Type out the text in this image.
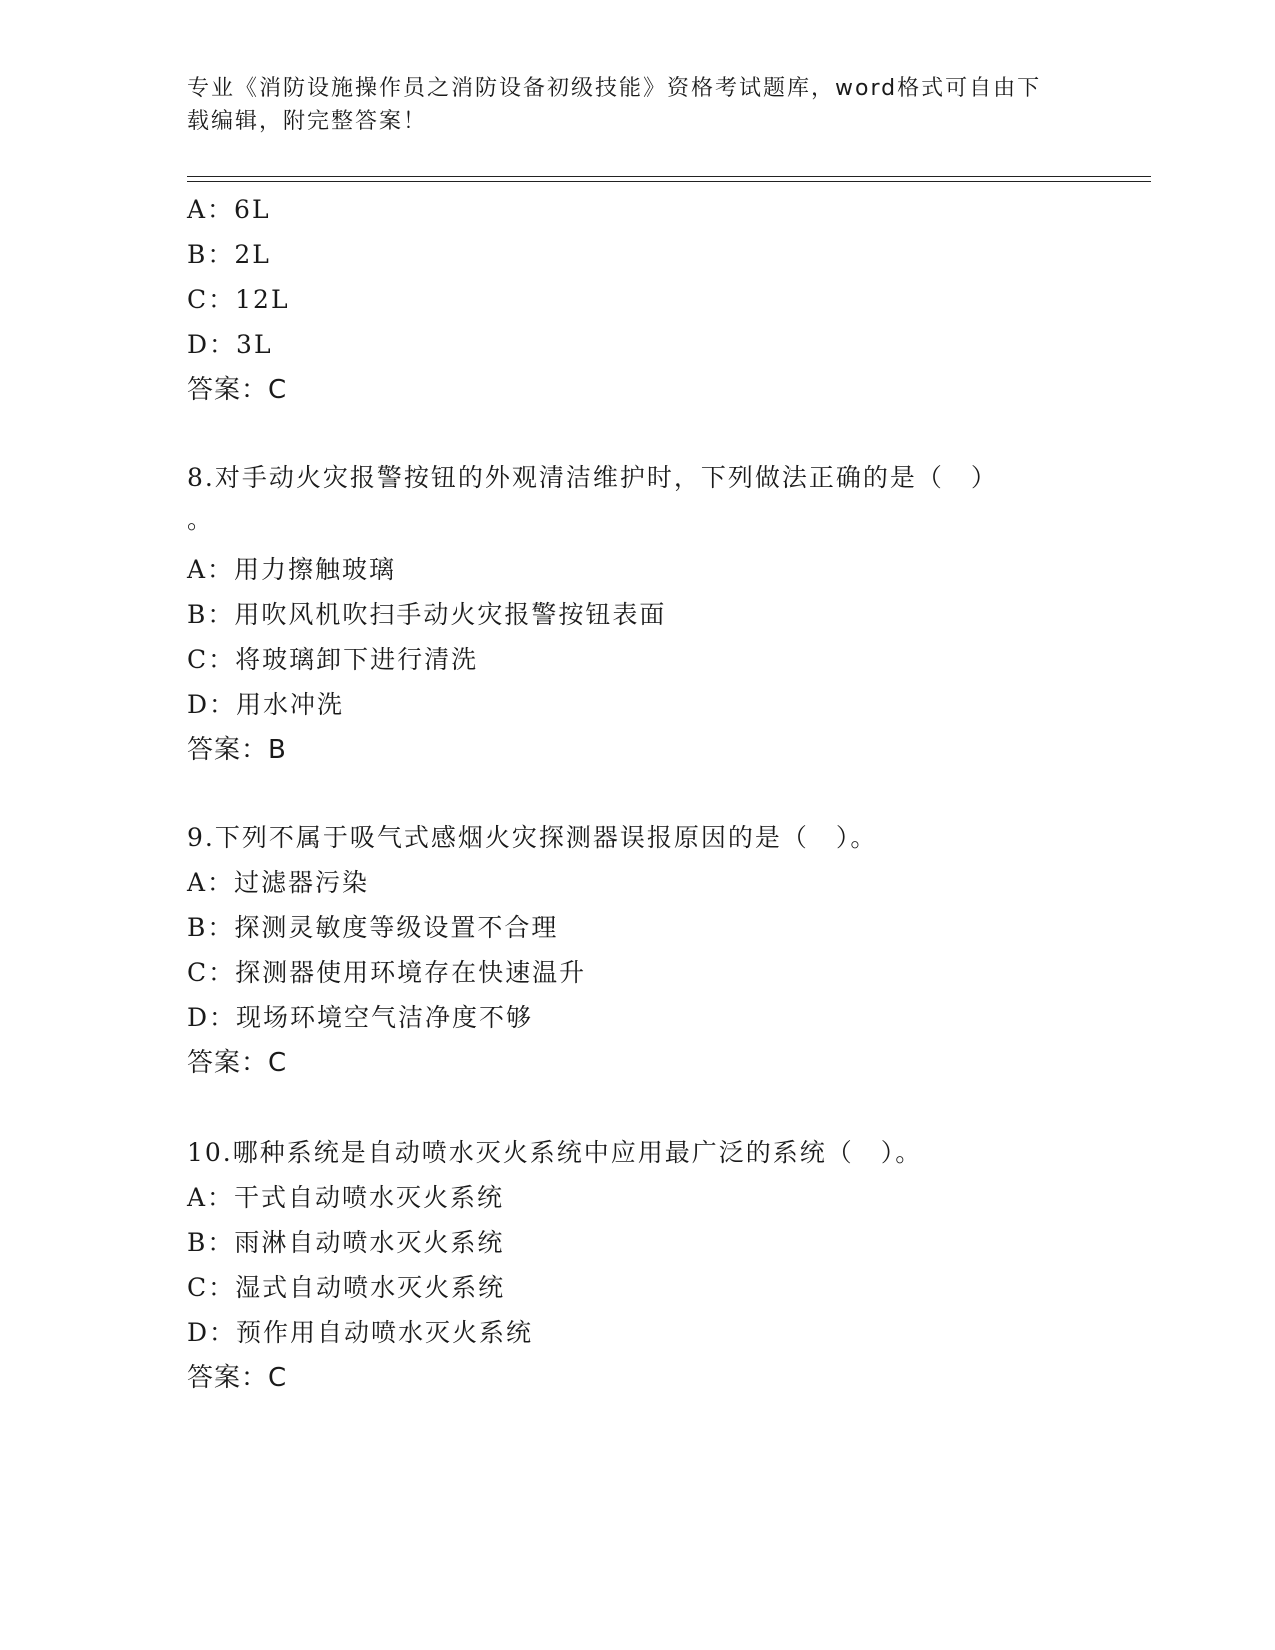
专业《消防设施操作员之消防设备初级技能》资格考试题库，word格式可自由下
载编辑，附完整答案！
A：6L
B：2L
C：12L
D：3L
答案：C
8.对手动火灾报警按钮的外观清洁维护时，下列做法正确的是（　）
。
A：用力擦触玻璃
B：用吹风机吹扫手动火灾报警按钮表面
C：将玻璃卸下进行清洗
D：用水冲洗
答案：B
9.下列不属于吸气式感烟火灾探测器误报原因的是（　）。
A：过滤器污染
B：探测灵敏度等级设置不合理
C：探测器使用环境存在快速温升
D：现场环境空气洁净度不够
答案：C
10.哪种系统是自动喷水灭火系统中应用最广泛的系统（　）。
A：干式自动喷水灭火系统
B：雨淋自动喷水灭火系统
C：湿式自动喷水灭火系统
D：预作用自动喷水灭火系统
答案：C
